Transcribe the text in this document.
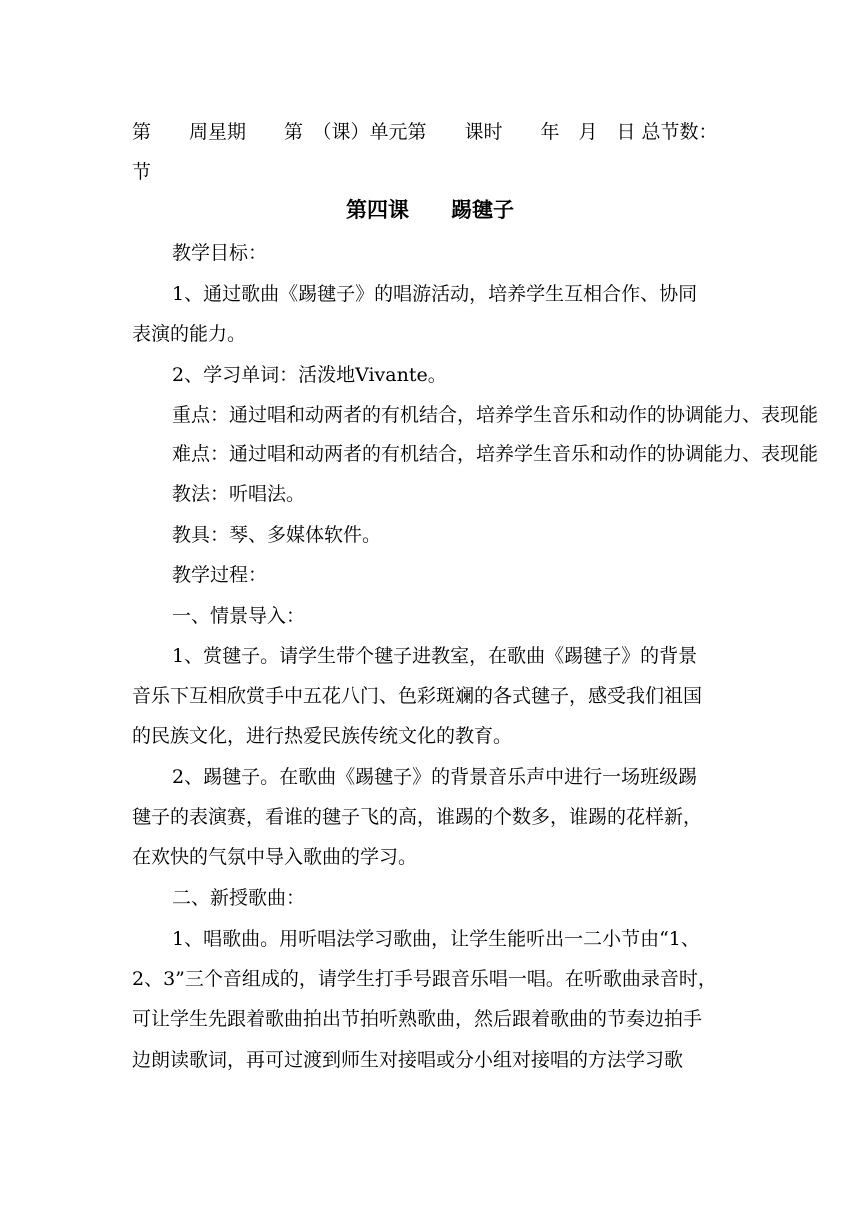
第　　周星期　　第　（课）单元第　　课时　　年　月　日 总节数：
节
第四课　　踢毽子
教学目标：
1、通过歌曲《踢毽子》的唱游活动，培养学生互相合作、协同
表演的能力。
2、学习单词：活泼地Vivante。
重点：通过唱和动两者的有机结合，培养学生音乐和动作的协调能力、表现能
难点：通过唱和动两者的有机结合，培养学生音乐和动作的协调能力、表现能
教法：听唱法。
教具：琴、多媒体软件。
教学过程：
一、情景导入：
1、赏毽子。请学生带个毽子进教室，在歌曲《踢毽子》的背景
音乐下互相欣赏手中五花八门、色彩斑斓的各式毽子，感受我们祖国
的民族文化，进行热爱民族传统文化的教育。
2、踢毽子。在歌曲《踢毽子》的背景音乐声中进行一场班级踢
毽子的表演赛，看谁的毽子飞的高，谁踢的个数多，谁踢的花样新，
在欢快的气氛中导入歌曲的学习。
二、新授歌曲：
1、唱歌曲。用听唱法学习歌曲，让学生能听出一二小节由“1、
2、3”三个音组成的，请学生打手号跟音乐唱一唱。在听歌曲录音时，
可让学生先跟着歌曲拍出节拍听熟歌曲，然后跟着歌曲的节奏边拍手
边朗读歌词，再可过渡到师生对接唱或分小组对接唱的方法学习歌
